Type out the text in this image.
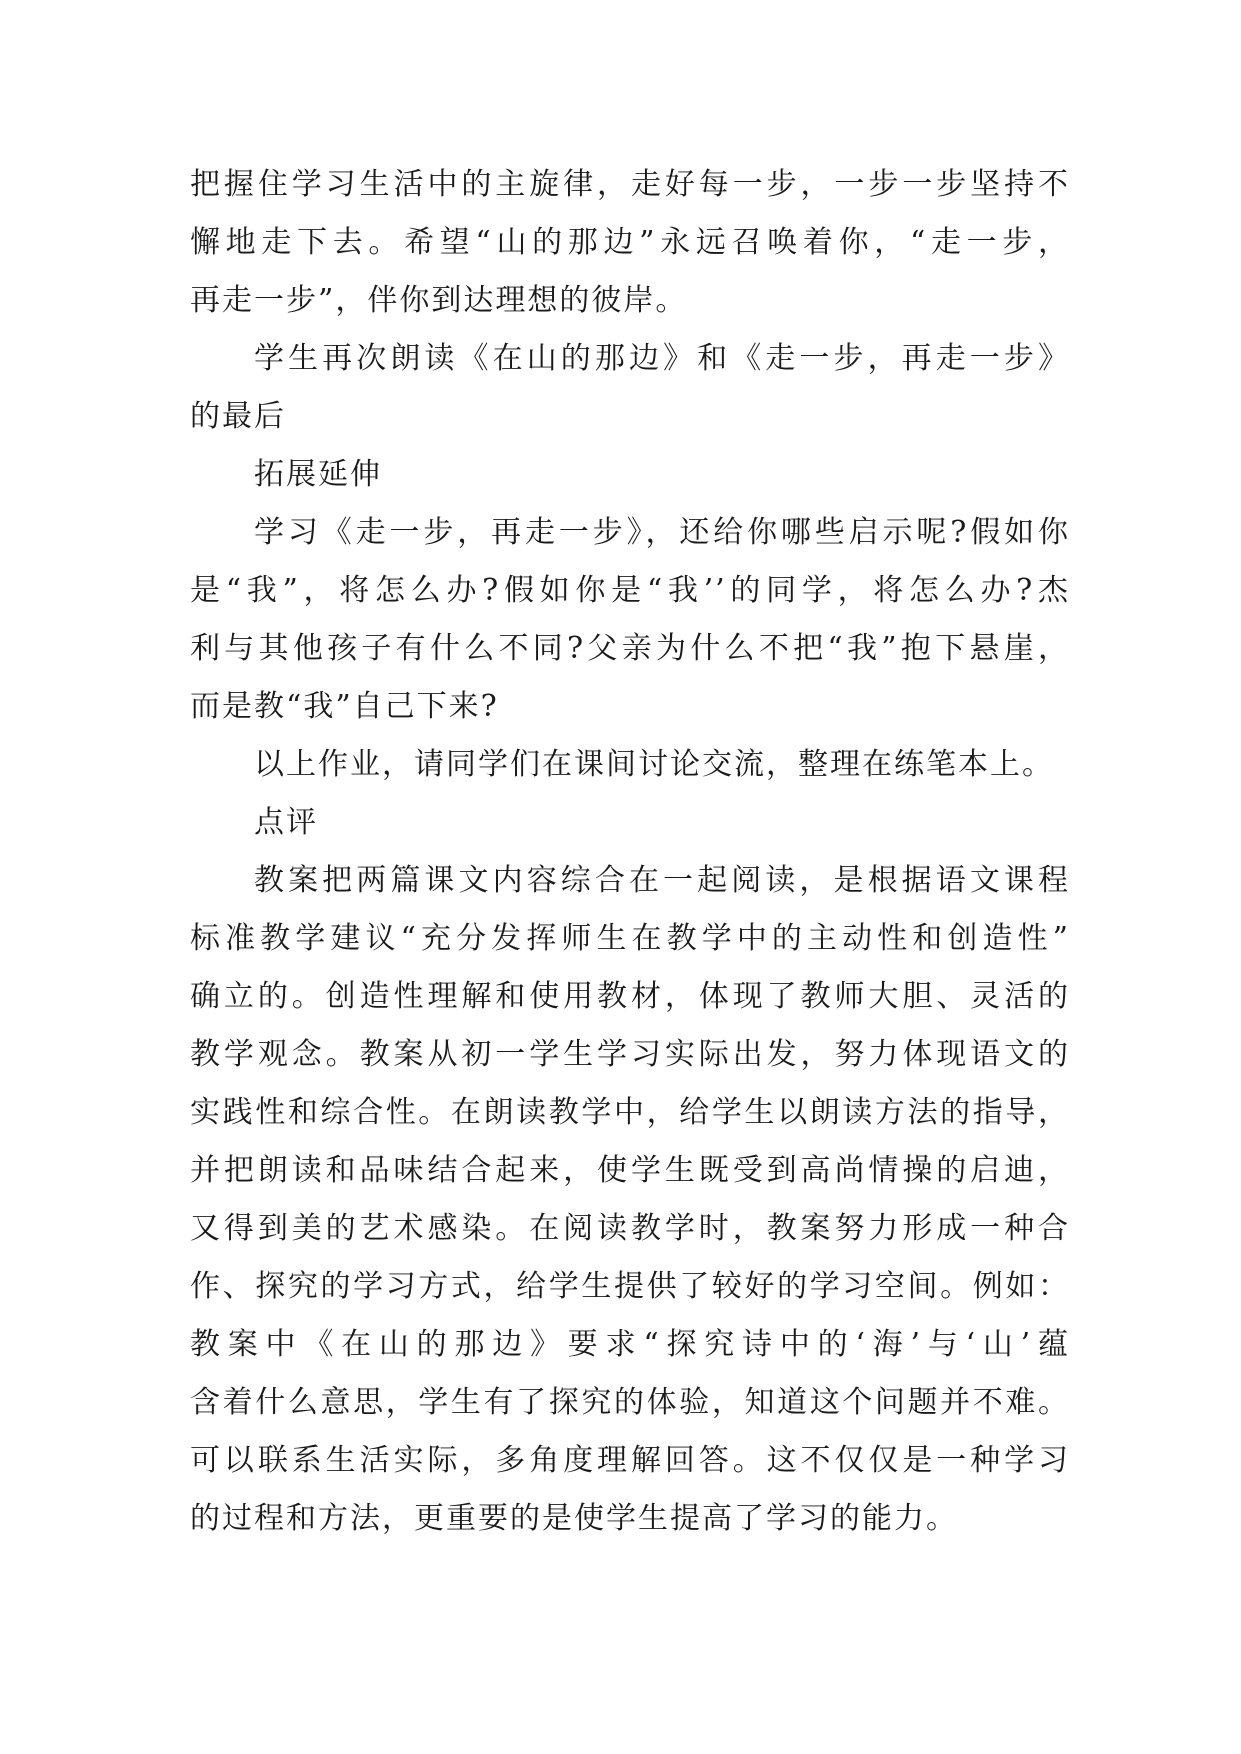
把握住学习生活中的主旋律，走好每一步，一步一步坚持不
懈地走下去。希望“山的那边”永远召唤着你，“走一步，
再走一步”，伴你到达理想的彼岸。
学生再次朗读《在山的那边》和《走一步，再走一步》
的最后
拓展延伸
学习《走一步，再走一步》，还给你哪些启示呢?假如你
是“我”，将怎么办?假如你是“我’’的同学，将怎么办?杰
利与其他孩子有什么不同?父亲为什么不把“我”抱下悬崖，
而是教“我”自己下来?
以上作业，请同学们在课间讨论交流，整理在练笔本上。
点评
教案把两篇课文内容综合在一起阅读，是根据语文课程
标准教学建议“充分发挥师生在教学中的主动性和创造性”
确立的。创造性理解和使用教材，体现了教师大胆、灵活的
教学观念。教案从初一学生学习实际出发，努力体现语文的
实践性和综合性。在朗读教学中，给学生以朗读方法的指导，
并把朗读和品味结合起来，使学生既受到高尚情操的启迪，
又得到美的艺术感染。在阅读教学时，教案努力形成一种合
作、探究的学习方式，给学生提供了较好的学习空间。例如：
教案中《在山的那边》要求“探究诗中的‘海’与‘山’蕴
含着什么意思，学生有了探究的体验，知道这个问题并不难。
可以联系生活实际，多角度理解回答。这不仅仅是一种学习
的过程和方法，更重要的是使学生提高了学习的能力。
